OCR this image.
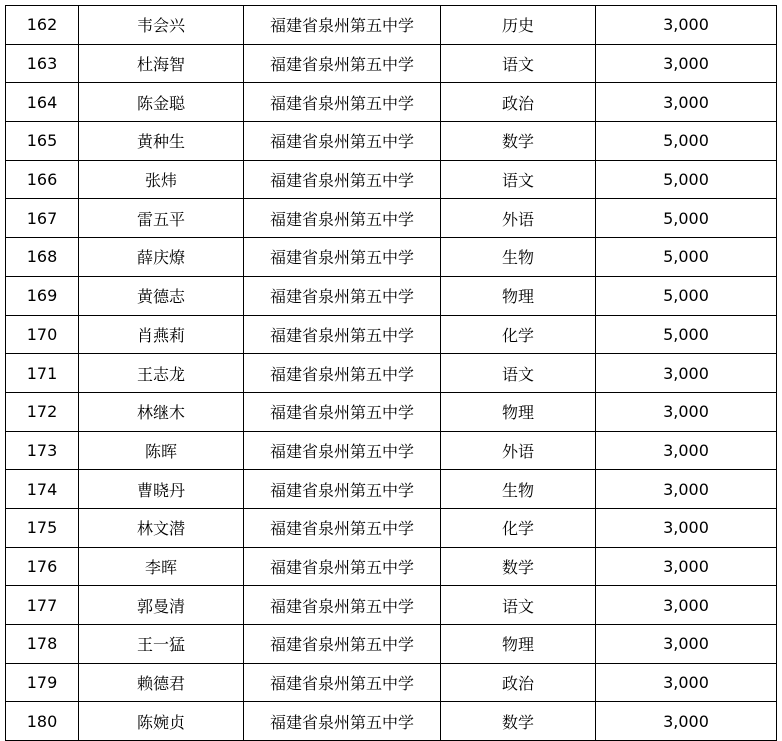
162	韦会兴	福建省泉州第五中学	历史	3,000
163	杜海智	福建省泉州第五中学	语文	3,000
164	陈金聪	福建省泉州第五中学	政治	3,000
165	黄种生	福建省泉州第五中学	数学	5,000
166	张炜	福建省泉州第五中学	语文	5,000
167	雷五平	福建省泉州第五中学	外语	5,000
168	薛庆燎	福建省泉州第五中学	生物	5,000
169	黄德志	福建省泉州第五中学	物理	5,000
170	肖燕莉	福建省泉州第五中学	化学	5,000
171	王志龙	福建省泉州第五中学	语文	3,000
172	林继木	福建省泉州第五中学	物理	3,000
173	陈晖	福建省泉州第五中学	外语	3,000
174	曹晓丹	福建省泉州第五中学	生物	3,000
175	林文潜	福建省泉州第五中学	化学	3,000
176	李晖	福建省泉州第五中学	数学	3,000
177	郭曼清	福建省泉州第五中学	语文	3,000
178	王一猛	福建省泉州第五中学	物理	3,000
179	赖德君	福建省泉州第五中学	政治	3,000
180	陈婉贞	福建省泉州第五中学	数学	3,000
